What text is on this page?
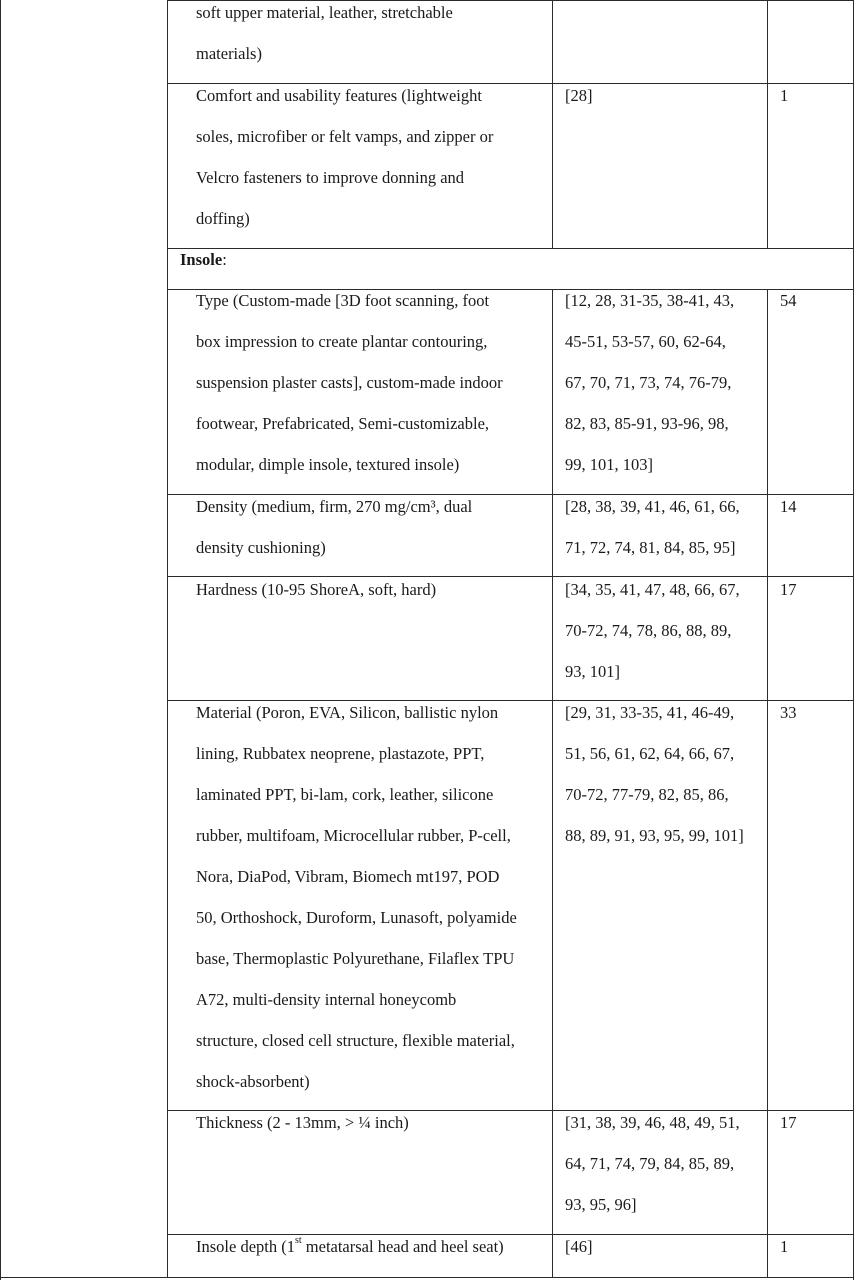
soft upper material, leather, stretchable
materials)
Comfort and usability features (lightweight
soles, microfiber or felt vamps, and zipper or
Velcro fasteners to improve donning and
doffing)
[28]	1
Insole:
Type (Custom-made [3D foot scanning, foot
box impression to create plantar contouring,
suspension plaster casts], custom-made indoor
footwear, Prefabricated, Semi-customizable,
modular, dimple insole, textured insole)
[12, 28, 31-35, 38-41, 43,
45-51, 53-57, 60, 62-64,
67, 70, 71, 73, 74, 76-79,
82, 83, 85-91, 93-96, 98,
99, 101, 103]
54
Density (medium, firm, 270 mg/cm³, dual
density cushioning)
[28, 38, 39, 41, 46, 61, 66,
71, 72, 74, 81, 84, 85, 95]
14
Hardness (10-95 ShoreA, soft, hard)	[34, 35, 41, 47, 48, 66, 67,
70-72, 74, 78, 86, 88, 89,
93, 101]
17
Material (Poron, EVA, Silicon, ballistic nylon
lining, Rubbatex neoprene, plastazote, PPT,
laminated PPT, bi-lam, cork, leather, silicone
rubber, multifoam, Microcellular rubber, P-cell,
Nora, DiaPod, Vibram, Biomech mt197, POD
50, Orthoshock, Duroform, Lunasoft, polyamide
base, Thermoplastic Polyurethane, Filaflex TPU
A72, multi-density internal honeycomb
structure, closed cell structure, flexible material,
shock-absorbent)
[29, 31, 33-35, 41, 46-49,
51, 56, 61, 62, 64, 66, 67,
70-72, 77-79, 82, 85, 86,
88, 89, 91, 93, 95, 99, 101]
33
Thickness (2 - 13mm, > ¼ inch)	[31, 38, 39, 46, 48, 49, 51,
64, 71, 74, 79, 84, 85, 89,
93, 95, 96]
17
Insole depth (1st metatarsal head and heel seat)	[46]	1
